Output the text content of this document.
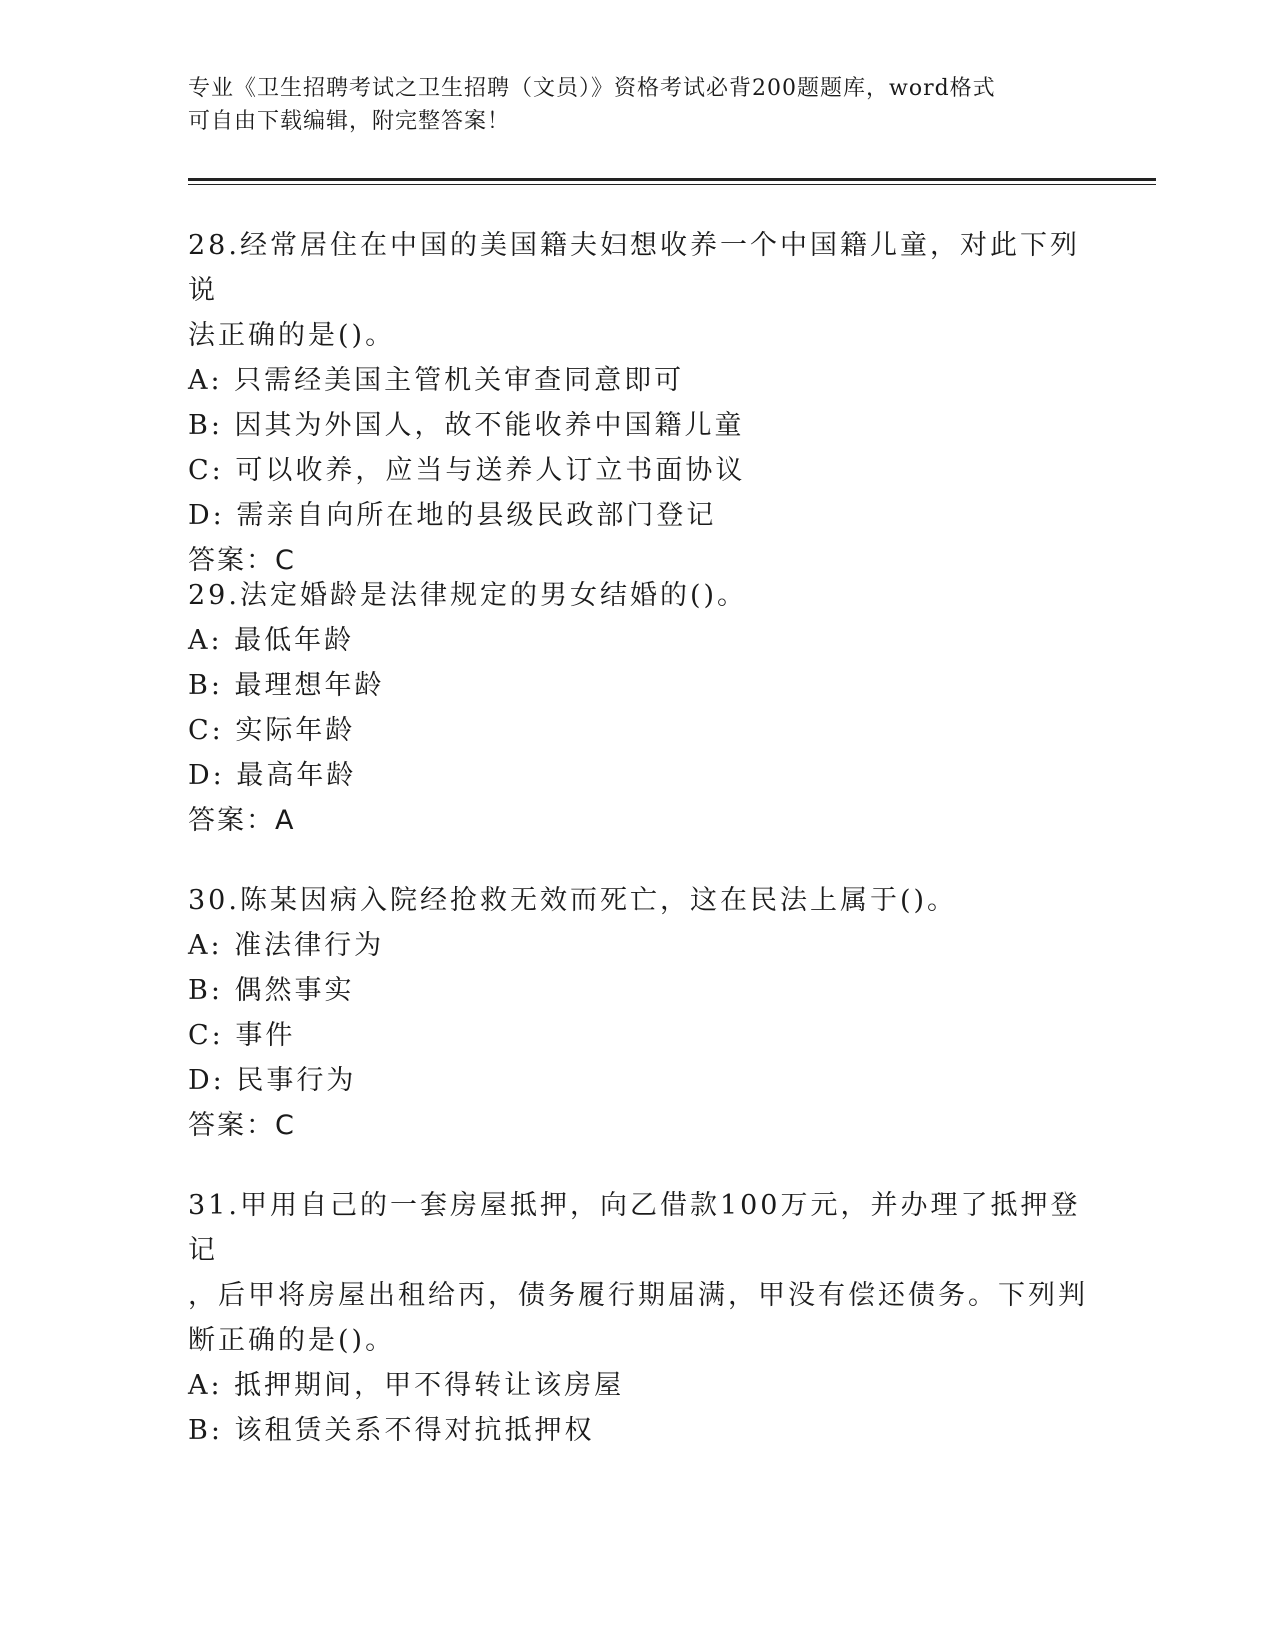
专业《卫生招聘考试之卫生招聘（文员）》资格考试必背200题题库，word格式
可自由下载编辑，附完整答案！

28.经常居住在中国的美国籍夫妇想收养一个中国籍儿童，对此下列说

法正确的是()。

A: 只需经美国主管机关审查同意即可

B: 因其为外国人，故不能收养中国籍儿童

C: 可以收养，应当与送养人订立书面协议

D: 需亲自向所在地的县级民政部门登记

答案：C

29.法定婚龄是法律规定的男女结婚的()。

A: 最低年龄

B: 最理想年龄

C: 实际年龄

D: 最高年龄

答案：A

30.陈某因病入院经抢救无效而死亡，这在民法上属于()。

A: 准法律行为

B: 偶然事实

C: 事件

D: 民事行为

答案：C

31.甲用自己的一套房屋抵押，向乙借款100万元，并办理了抵押登记

，后甲将房屋出租给丙，债务履行期届满，甲没有偿还债务。下列判

断正确的是()。

A: 抵押期间，甲不得转让该房屋

B: 该租赁关系不得对抗抵押权
